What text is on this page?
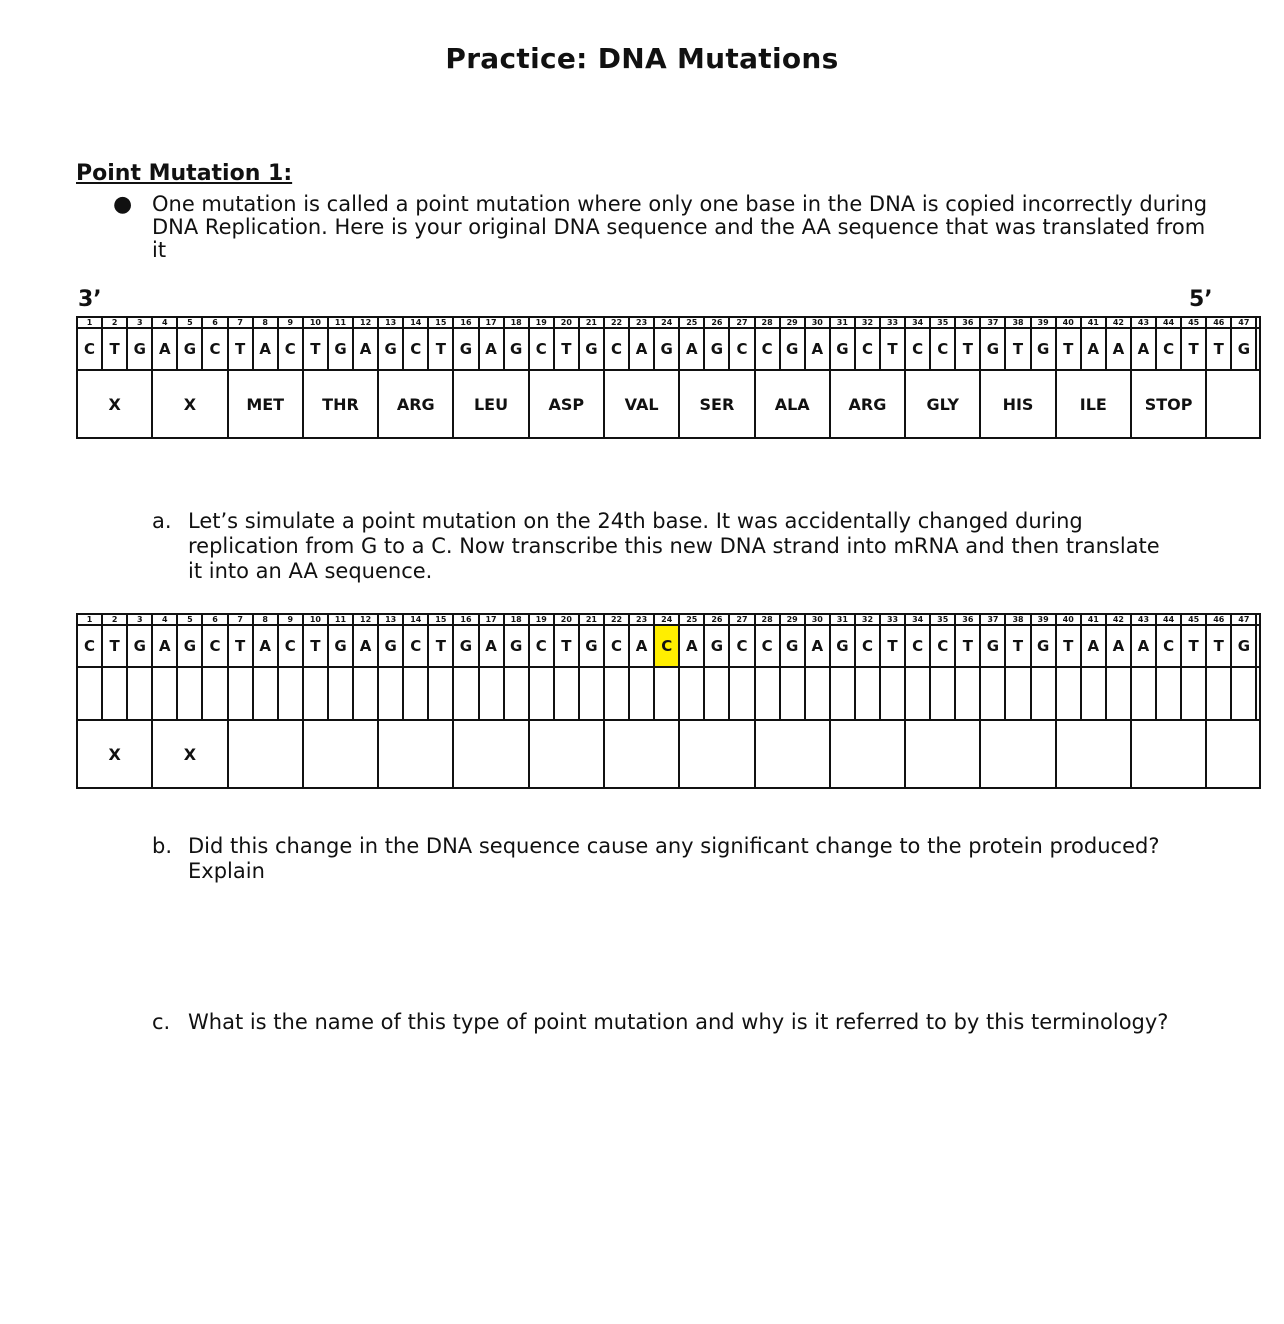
Practice: DNA Mutations
Point Mutation 1:
● One mutation is called a point mutation where only one base in the DNA is copied incorrectly during DNA Replication. Here is your original DNA sequence and the AA sequence that was translated from it
3’	5’
1	2	3	4	5	6	7	8	9	10	11	12	13	14	15	16	17	18	19	20	21	22	23	24	25	26	27	28	29	30	31	32	33	34	35	36	37	38	39	40	41	42	43	44	45	46	47	
C	T	G	A	G	C	T	A	C	T	G	A	G	C	T	G	A	G	C	T	G	C	A	G	A	G	C	C	G	A	G	C	T	C	C	T	G	T	G	T	A	A	A	C	T	T	G	
X			X			MET			THR			ARG			LEU			ASP			VAL			SER			ALA			ARG			GLY			HIS			ILE			STOP					
a. Let’s simulate a point mutation on the 24th base. It was accidentally changed during replication from G to a C. Now transcribe this new DNA strand into mRNA and then translate it into an AA sequence.
1	2	3	4	5	6	7	8	9	10	11	12	13	14	15	16	17	18	19	20	21	22	23	24	25	26	27	28	29	30	31	32	33	34	35	36	37	38	39	40	41	42	43	44	45	46	47	
C	T	G	A	G	C	T	A	C	T	G	A	G	C	T	G	A	G	C	T	G	C	A	C	A	G	C	C	G	A	G	C	T	C	C	T	G	T	G	T	A	A	A	C	T	T	G	

X			X																																												
b. Did this change in the DNA sequence cause any significant change to the protein produced? Explain
c. What is the name of this type of point mutation and why is it referred to by this terminology?
